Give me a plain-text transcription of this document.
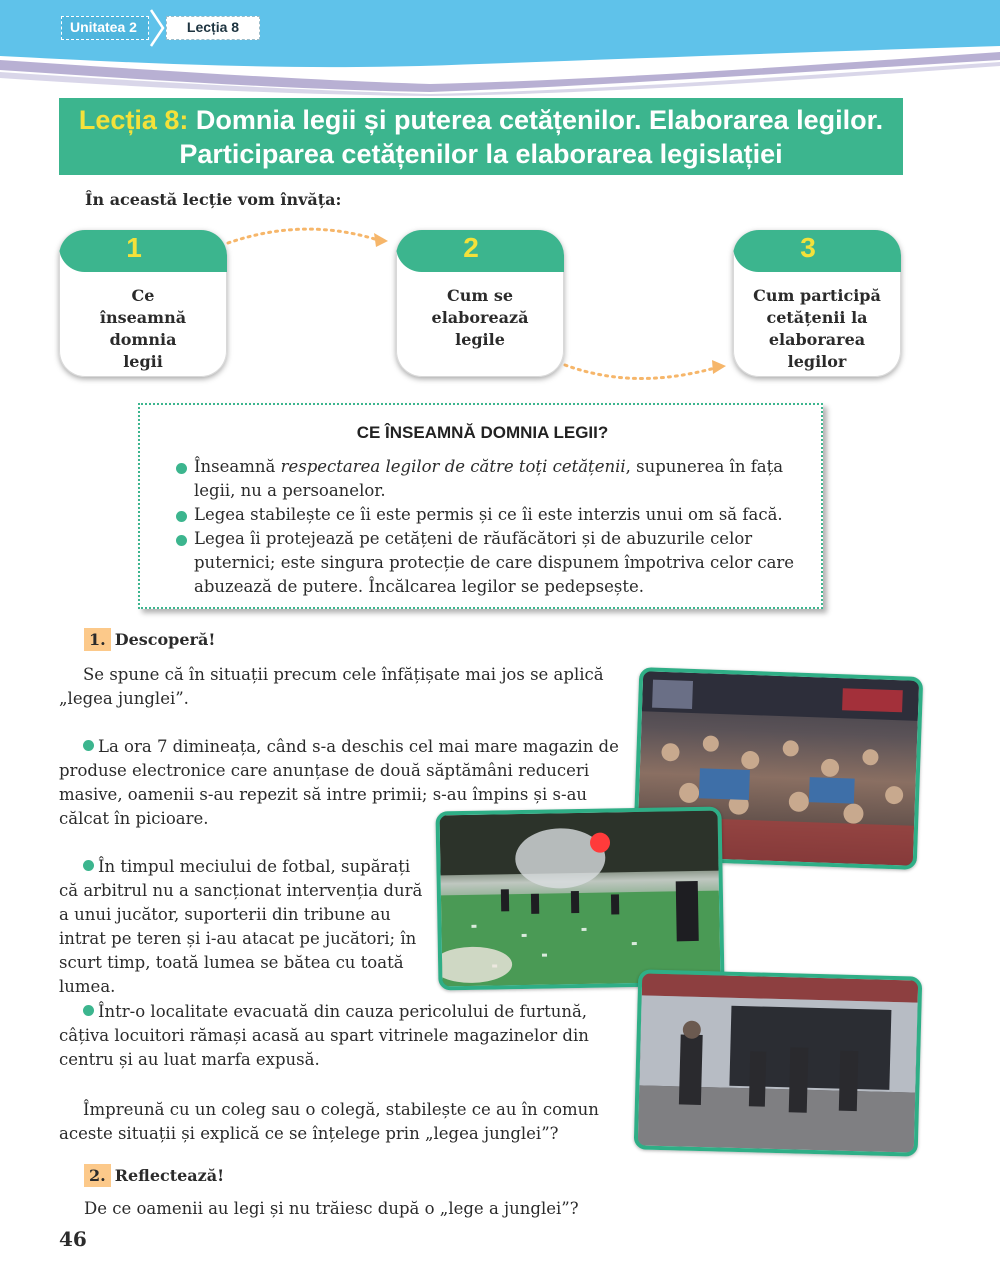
Unitatea 2	Lecția 8
Lecția 8: Domnia legii și puterea cetățenilor. Elaborarea legilor.
Participarea cetățenilor la elaborarea legislației
În această lecție vom învăța:
1
Ce înseamnă domnia legii
2
Cum se elaborează legile
3
Cum participă cetățenii la elaborarea legilor
CE ÎNSEAMNĂ DOMNIA LEGII?
Înseamnă respectarea legilor de către toți cetățenii, supunerea în fața legii, nu a persoanelor.
Legea stabilește ce îi este permis și ce îi este interzis unui om să facă.
Legea îi protejează pe cetățeni de răufăcători și de abuzurile celor puternici; este singura protecție de care dispunem împotriva celor care abuzează de putere. Încălcarea legilor se pedepsește.
1. Descoperă!

Se spune că în situații precum cele înfățișate mai jos se aplică „legea junglei”.

La ora 7 dimineața, când s-a deschis cel mai mare magazin de produse electronice care anunțase de două săptămâni reduceri masive, oamenii s-au repezit să intre primii; s-au împins și s-au călcat în picioare.

În timpul meciului de fotbal, supărați că arbitrul nu a sancționat intervenția dură a unui jucător, suporterii din tribune au intrat pe teren și i-au atacat pe jucători; în scurt timp, toată lumea se bătea cu toată lumea.

Într-o localitate evacuată din cauza pericolului de furtună, câțiva locuitori rămași acasă au spart vitrinele magazinelor din centru și au luat marfa expusă.

Împreună cu un coleg sau o colegă, stabilește ce au în comun aceste situații și explică ce se înțelege prin „legea junglei”?

2. Reflectează!

De ce oamenii au legi și nu trăiesc după o „lege a junglei”?

46
